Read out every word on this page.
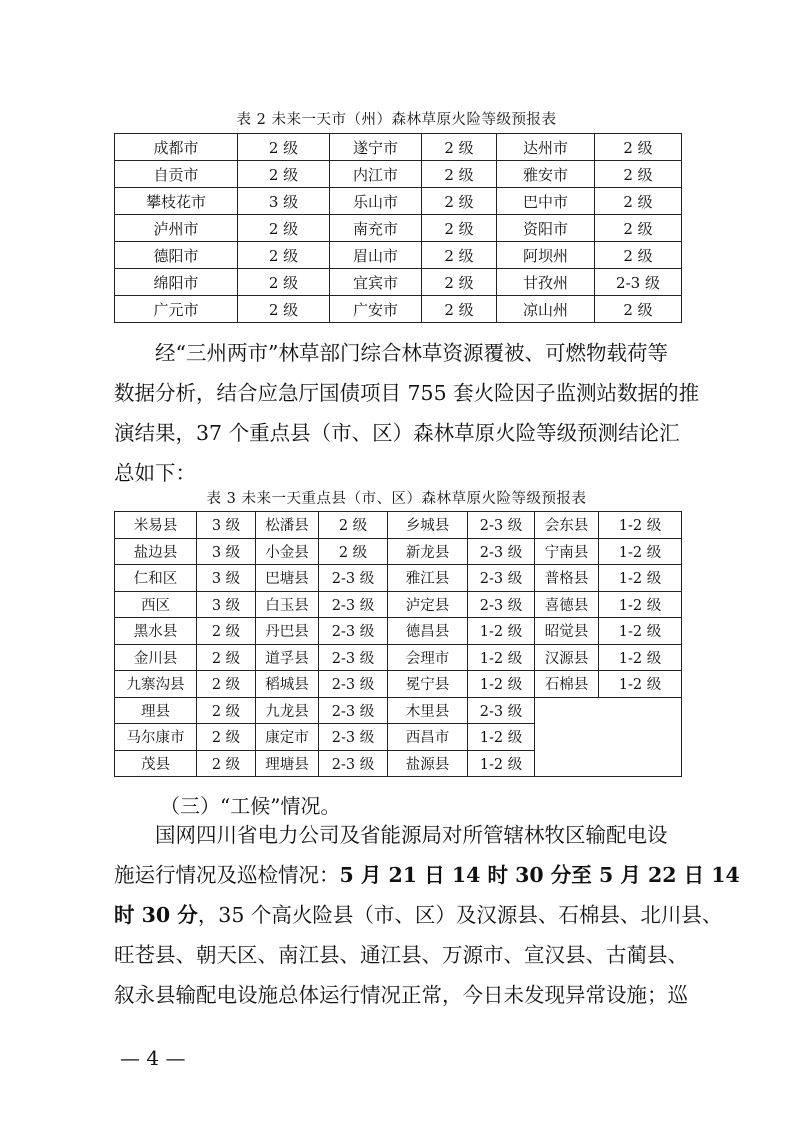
表 2 未来一天市（州）森林草原火险等级预报表
成都市	2 级	遂宁市	2 级	达州市	2 级
自贡市	2 级	内江市	2 级	雅安市	2 级
攀枝花市	3 级	乐山市	2 级	巴中市	2 级
泸州市	2 级	南充市	2 级	资阳市	2 级
德阳市	2 级	眉山市	2 级	阿坝州	2 级
绵阳市	2 级	宜宾市	2 级	甘孜州	2-3 级
广元市	2 级	广安市	2 级	凉山州	2 级
经“三州两市”林草部门综合林草资源覆被、可燃物载荷等
数据分析，结合应急厅国债项目 755 套火险因子监测站数据的推
演结果，37 个重点县（市、区）森林草原火险等级预测结论汇
总如下：
表 3 未来一天重点县（市、区）森林草原火险等级预报表
米易县	3 级	松潘县	2 级	乡城县	2-3 级	会东县	1-2 级
盐边县	3 级	小金县	2 级	新龙县	2-3 级	宁南县	1-2 级
仁和区	3 级	巴塘县	2-3 级	雅江县	2-3 级	普格县	1-2 级
西区	3 级	白玉县	2-3 级	泸定县	2-3 级	喜德县	1-2 级
黑水县	2 级	丹巴县	2-3 级	德昌县	1-2 级	昭觉县	1-2 级
金川县	2 级	道孚县	2-3 级	会理市	1-2 级	汉源县	1-2 级
九寨沟县	2 级	稻城县	2-3 级	冕宁县	1-2 级	石棉县	1-2 级
理县	2 级	九龙县	2-3 级	木里县	2-3 级		
马尔康市	2 级	康定市	2-3 级	西昌市	1-2 级		
茂县	2 级	理塘县	2-3 级	盐源县	1-2 级		
（三）“工候”情况。
国网四川省电力公司及省能源局对所管辖林牧区输配电设
施运行情况及巡检情况：5 月 21 日 14 时 30 分至 5 月 22 日 14
时 30 分，35 个高火险县（市、区）及汉源县、石棉县、北川县、
旺苍县、朝天区、南江县、通江县、万源市、宣汉县、古蔺县、
叙永县输配电设施总体运行情况正常，今日未发现异常设施；巡
— 4 —
